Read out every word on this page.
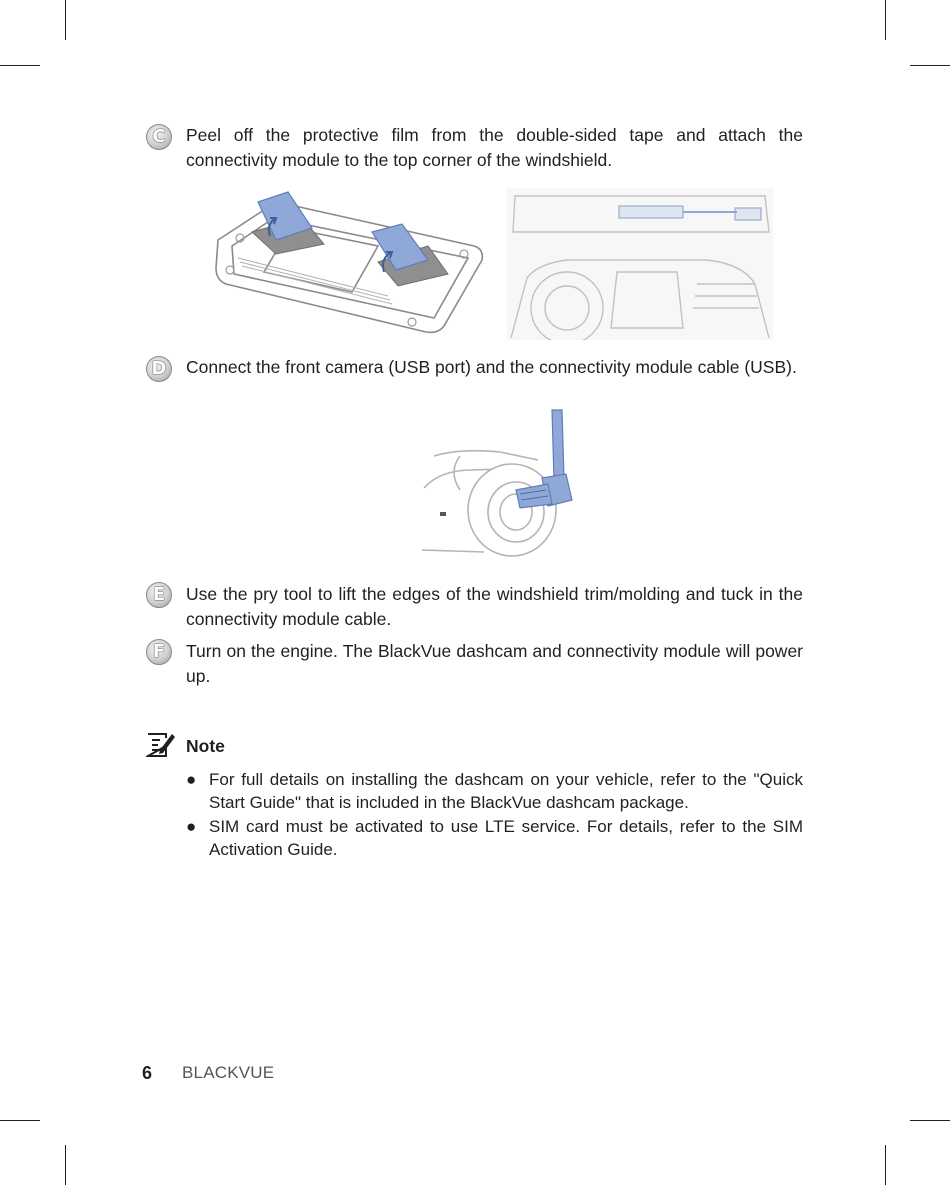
C	Peel off the protective film from the double-sided tape and attach the connectivity module to the top corner of the windshield.

D	Connect the front camera (USB port) and the connectivity module cable (USB).

E	Use the pry tool to lift the edges of the windshield trim/molding and tuck in the connectivity module cable.

F	Turn on the engine. The BlackVue dashcam and connectivity module will power up.

Note
● For full details on installing the dashcam on your vehicle, refer to the "Quick Start Guide" that is included in the BlackVue dashcam package.
● SIM card must be activated to use LTE service. For details, refer to the SIM Activation Guide.
6 BLACKVUE
